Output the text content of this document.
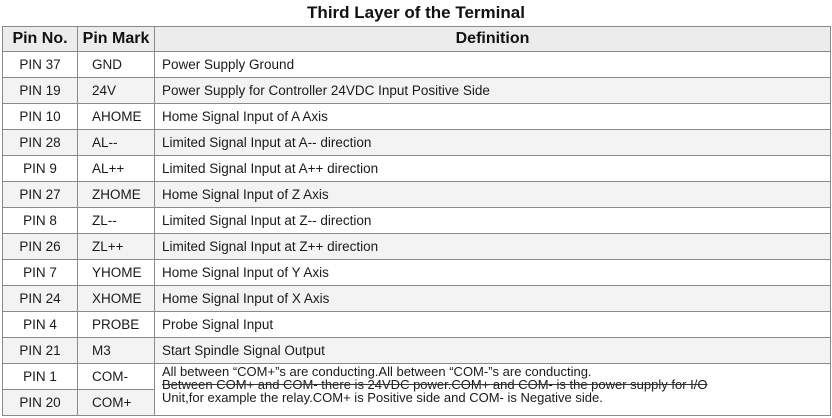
Third Layer of the Terminal
Pin No.	Pin Mark	Definition
PIN 37	GND	Power Supply Ground
PIN 19	24V	Power Supply for Controller 24VDC Input Positive Side
PIN 10	AHOME	Home Signal Input of A Axis
PIN 28	AL--	Limited Signal Input at A-- direction
PIN 9	AL++	Limited Signal Input at A++ direction
PIN 27	ZHOME	Home Signal Input of Z Axis
PIN 8	ZL--	Limited Signal Input at Z-- direction
PIN 26	ZL++	Limited Signal Input at Z++ direction
PIN 7	YHOME	Home Signal Input of Y Axis
PIN 24	XHOME	Home Signal Input of X Axis
PIN 4	PROBE	Probe Signal Input
PIN 21	M3	Start Spindle Signal Output
PIN 1	COM-	All between “COM+”s are conducting.All between “COM-”s are conducting.
Between COM+ and COM- there is 24VDC power.COM+ and COM- is the power supply for I/O
Unit,for example the relay.COM+ is Positive side and COM- is Negative side.

PIN 20	COM+	
